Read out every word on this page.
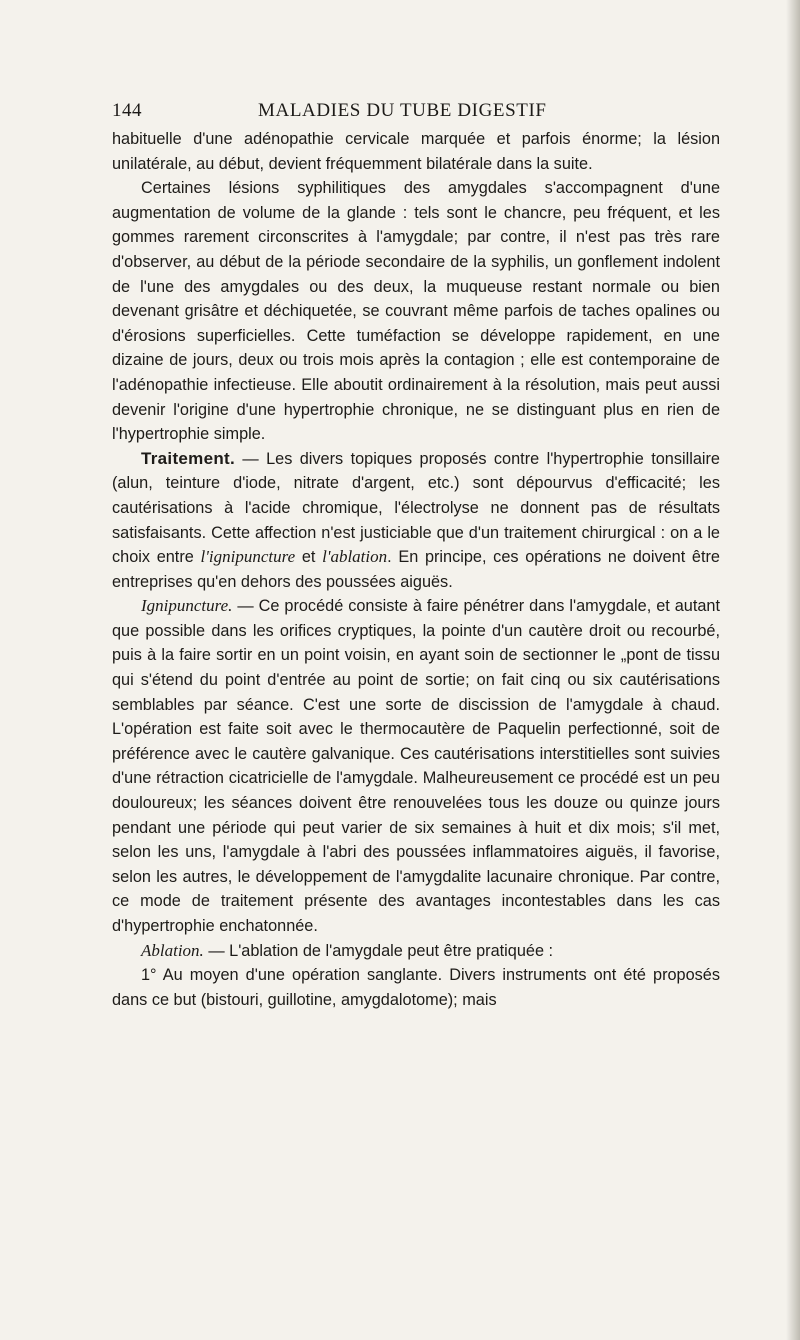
144	MALADIES DU TUBE DIGESTIF

habituelle d'une adénopathie cervicale marquée et parfois énorme; la lésion unilatérale, au début, devient fréquemment bilatérale dans la suite.

Certaines lésions syphilitiques des amygdales s'accompagnent d'une augmentation de volume de la glande : tels sont le chancre, peu fréquent, et les gommes rarement circonscrites à l'amygdale; par contre, il n'est pas très rare d'observer, au début de la période secondaire de la syphilis, un gonflement indolent de l'une des amygdales ou des deux, la muqueuse restant normale ou bien devenant grisâtre et déchiquetée, se couvrant même parfois de taches opalines ou d'érosions superficielles. Cette tuméfaction se développe rapidement, en une dizaine de jours, deux ou trois mois après la contagion ; elle est contemporaine de l'adénopathie infectieuse. Elle aboutit ordinairement à la résolution, mais peut aussi devenir l'origine d'une hypertrophie chronique, ne se distinguant plus en rien de l'hypertrophie simple.

Traitement. — Les divers topiques proposés contre l'hypertrophie tonsillaire (alun, teinture d'iode, nitrate d'argent, etc.) sont dépourvus d'efficacité; les cautérisations à l'acide chromique, l'électrolyse ne donnent pas de résultats satisfaisants. Cette affection n'est justiciable que d'un traitement chirurgical : on a le choix entre l'ignipuncture et l'ablation. En principe, ces opérations ne doivent être entreprises qu'en dehors des poussées aiguës.

Ignipuncture. — Ce procédé consiste à faire pénétrer dans l'amygdale, et autant que possible dans les orifices cryptiques, la pointe d'un cautère droit ou recourbé, puis à la faire sortir en un point voisin, en ayant soin de sectionner le „pont de tissu qui s'étend du point d'entrée au point de sortie; on fait cinq ou six cautérisations semblables par séance. C'est une sorte de discission de l'amygdale à chaud. L'opération est faite soit avec le thermocautère de Paquelin perfectionné, soit de préférence avec le cautère galvanique. Ces cautérisations interstitielles sont suivies d'une rétraction cicatricielle de l'amygdale. Malheureusement ce procédé est un peu douloureux; les séances doivent être renouvelées tous les douze ou quinze jours pendant une période qui peut varier de six semaines à huit et dix mois; s'il met, selon les uns, l'amygdale à l'abri des poussées inflammatoires aiguës, il favorise, selon les autres, le développement de l'amygdalite lacunaire chronique. Par contre, ce mode de traitement présente des avantages incontestables dans les cas d'hypertrophie enchatonnée.

Ablation. — L'ablation de l'amygdale peut être pratiquée :

1° Au moyen d'une opération sanglante. Divers instruments ont été proposés dans ce but (bistouri, guillotine, amygdalotome); mais
